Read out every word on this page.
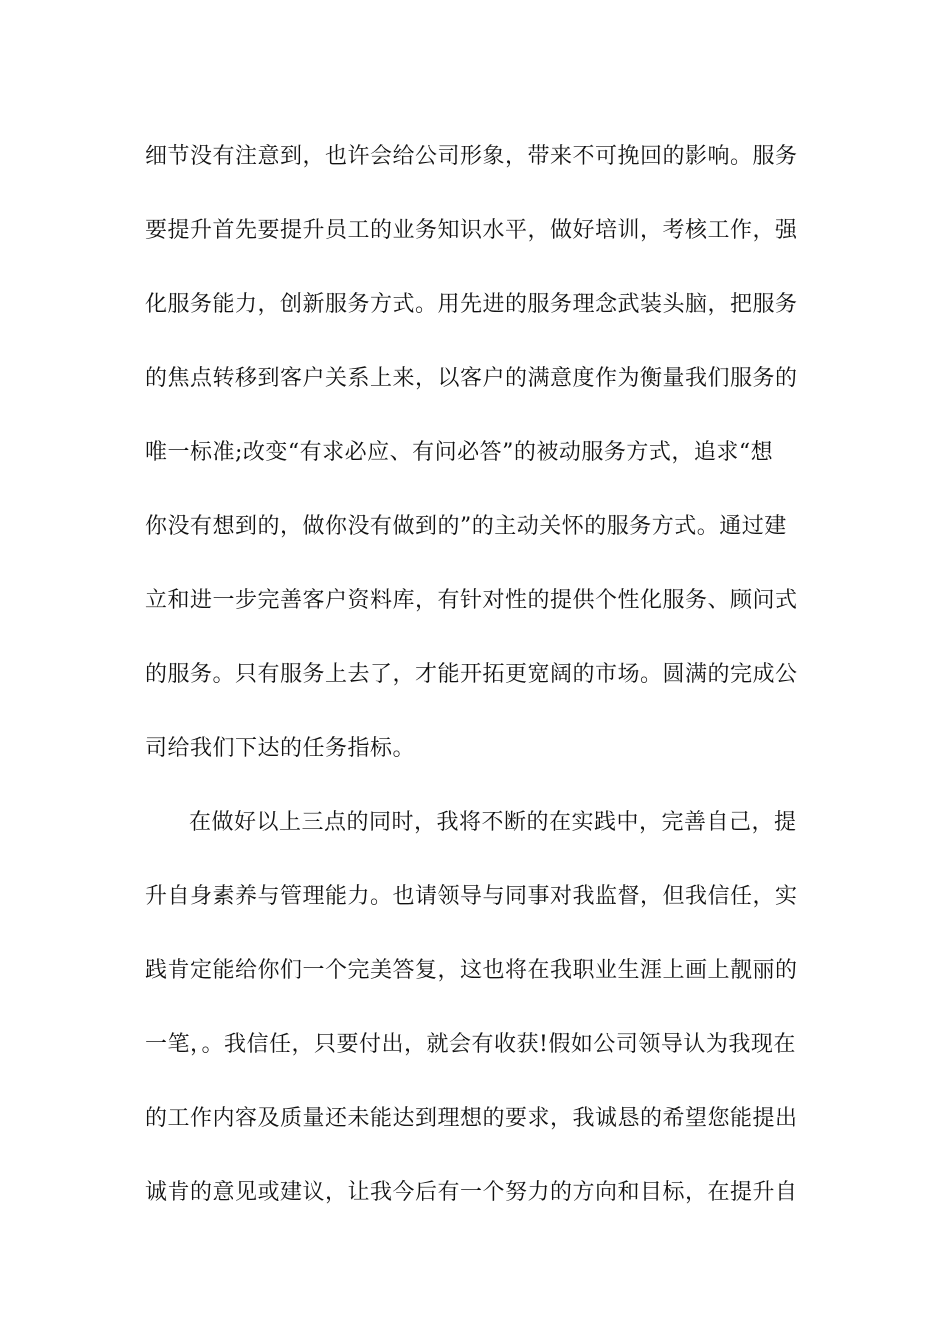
细节没有注意到，也许会给公司形象，带来不可挽回的影响。服务
要提升首先要提升员工的业务知识水平，做好培训，考核工作，强
化服务能力，创新服务方式。用先进的服务理念武装头脑，把服务
的焦点转移到客户关系上来，以客户的满意度作为衡量我们服务的
唯一标准;改变“有求必应、有问必答”的被动服务方式，追求“想
你没有想到的，做你没有做到的”的主动关怀的服务方式。通过建
立和进一步完善客户资料库，有针对性的提供个性化服务、顾问式
的服务。只有服务上去了，才能开拓更宽阔的市场。圆满的完成公
司给我们下达的任务指标。
在做好以上三点的同时，我将不断的在实践中，完善自己，提
升自身素养与管理能力。也请领导与同事对我监督，但我信任，实
践肯定能给你们一个完美答复，这也将在我职业生涯上画上靓丽的
一笔，。我信任，只要付出，就会有收获!假如公司领导认为我现在
的工作内容及质量还未能达到理想的要求，我诚恳的希望您能提出
诚肯的意见或建议，让我今后有一个努力的方向和目标，在提升自
